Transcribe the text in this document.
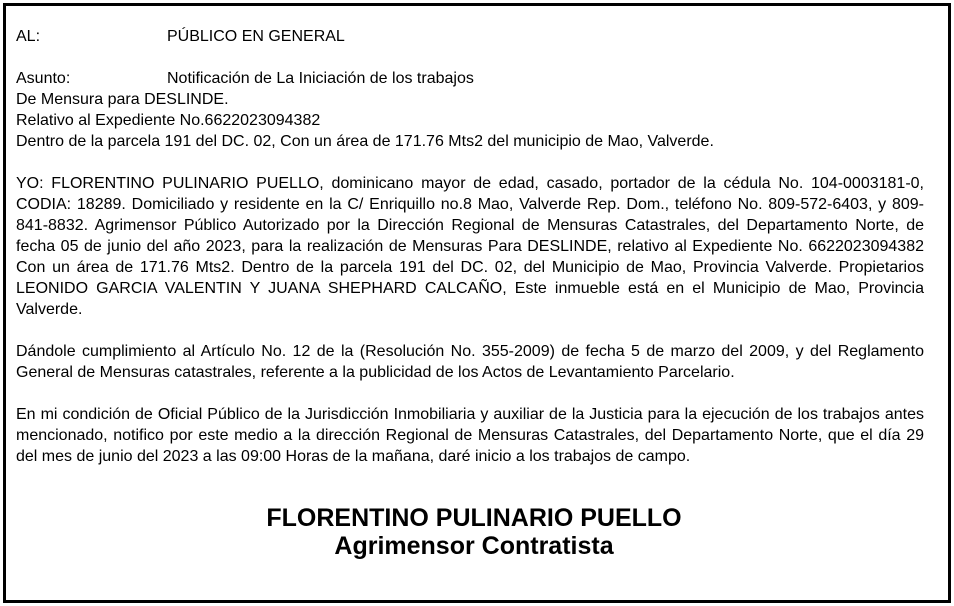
AL:	PÚBLICO EN GENERAL
Asunto:	Notificación de La Iniciación de los trabajos
De Mensura para DESLINDE.
Relativo al Expediente No.6622023094382
Dentro de la parcela 191 del DC. 02, Con un área de 171.76 Mts2 del municipio de Mao, Valverde.

YO: FLORENTINO PULINARIO PUELLO, dominicano mayor de edad, casado, portador de la cédula No. 104-0003181-0, CODIA: 18289. Domiciliado y residente en la C/ Enriquillo no.8 Mao, Valverde Rep. Dom., teléfono No. 809-572-6403, y 809-841-8832. Agrimensor Público Autorizado por la Dirección Regional de Mensuras Catastrales, del Departamento Norte, de fecha 05 de junio del año 2023, para la realización de Mensuras Para DESLINDE, relativo al Expediente No. 6622023094382 Con un área de 171.76 Mts2. Dentro de la parcela 191 del DC. 02, del Municipio de Mao, Provincia Valverde. Propietarios LEONIDO GARCIA VALENTIN Y JUANA SHEPHARD CALCAÑO, Este inmueble está en el Municipio de Mao, Provincia Valverde.

Dándole cumplimiento al Artículo No. 12 de la (Resolución No. 355-2009) de fecha 5 de marzo del 2009, y del Reglamento General de Mensuras catastrales, referente a la publicidad de los Actos de Levantamiento Parcelario.

En mi condición de Oficial Público de la Jurisdicción Inmobiliaria y auxiliar de la Justicia para la ejecución de los trabajos antes mencionado, notifico por este medio a la dirección Regional de Mensuras Catastrales, del Departamento Norte, que el día 29 del mes de junio del 2023 a las 09:00 Horas de la mañana, daré inicio a los trabajos de campo.

FLORENTINO PULINARIO PUELLO
Agrimensor Contratista
